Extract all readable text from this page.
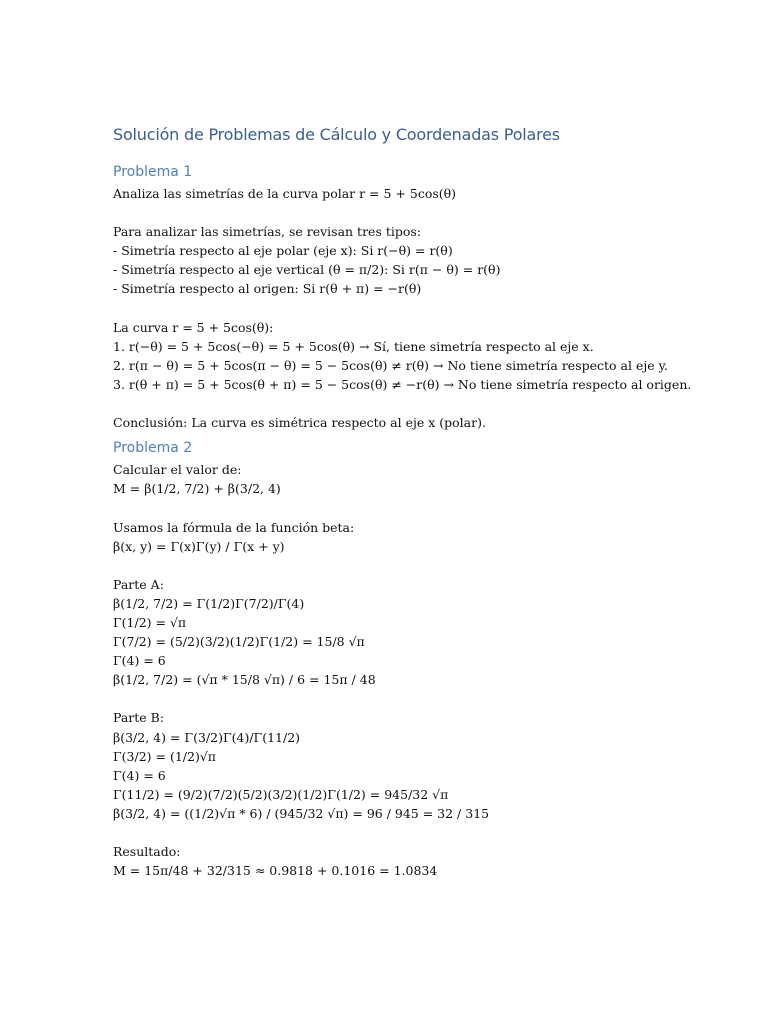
Solución de Problemas de Cálculo y Coordenadas Polares
Problema 1
Analiza las simetrías de la curva polar r = 5 + 5cos(θ)
Para analizar las simetrías, se revisan tres tipos:
- Simetría respecto al eje polar (eje x): Si r(−θ) = r(θ)
- Simetría respecto al eje vertical (θ = π/2): Si r(π − θ) = r(θ)
- Simetría respecto al origen: Si r(θ + π) = −r(θ)
La curva r = 5 + 5cos(θ):
1. r(−θ) = 5 + 5cos(−θ) = 5 + 5cos(θ) → Sí, tiene simetría respecto al eje x.
2. r(π − θ) = 5 + 5cos(π − θ) = 5 − 5cos(θ) ≠ r(θ) → No tiene simetría respecto al eje y.
3. r(θ + π) = 5 + 5cos(θ + π) = 5 − 5cos(θ) ≠ −r(θ) → No tiene simetría respecto al origen.
Conclusión: La curva es simétrica respecto al eje x (polar).
Problema 2
Calcular el valor de:
M = β(1/2, 7/2) + β(3/2, 4)
Usamos la fórmula de la función beta:
β(x, y) = Γ(x)Γ(y) / Γ(x + y)
Parte A:
β(1/2, 7/2) = Γ(1/2)Γ(7/2)/Γ(4)
Γ(1/2) = √π
Γ(7/2) = (5/2)(3/2)(1/2)Γ(1/2) = 15/8 √π
Γ(4) = 6
β(1/2, 7/2) = (√π * 15/8 √π) / 6 = 15π / 48
Parte B:
β(3/2, 4) = Γ(3/2)Γ(4)/Γ(11/2)
Γ(3/2) = (1/2)√π
Γ(4) = 6
Γ(11/2) = (9/2)(7/2)(5/2)(3/2)(1/2)Γ(1/2) = 945/32 √π
β(3/2, 4) = ((1/2)√π * 6) / (945/32 √π) = 96 / 945 = 32 / 315
Resultado:
M = 15π/48 + 32/315 ≈ 0.9818 + 0.1016 = 1.0834
